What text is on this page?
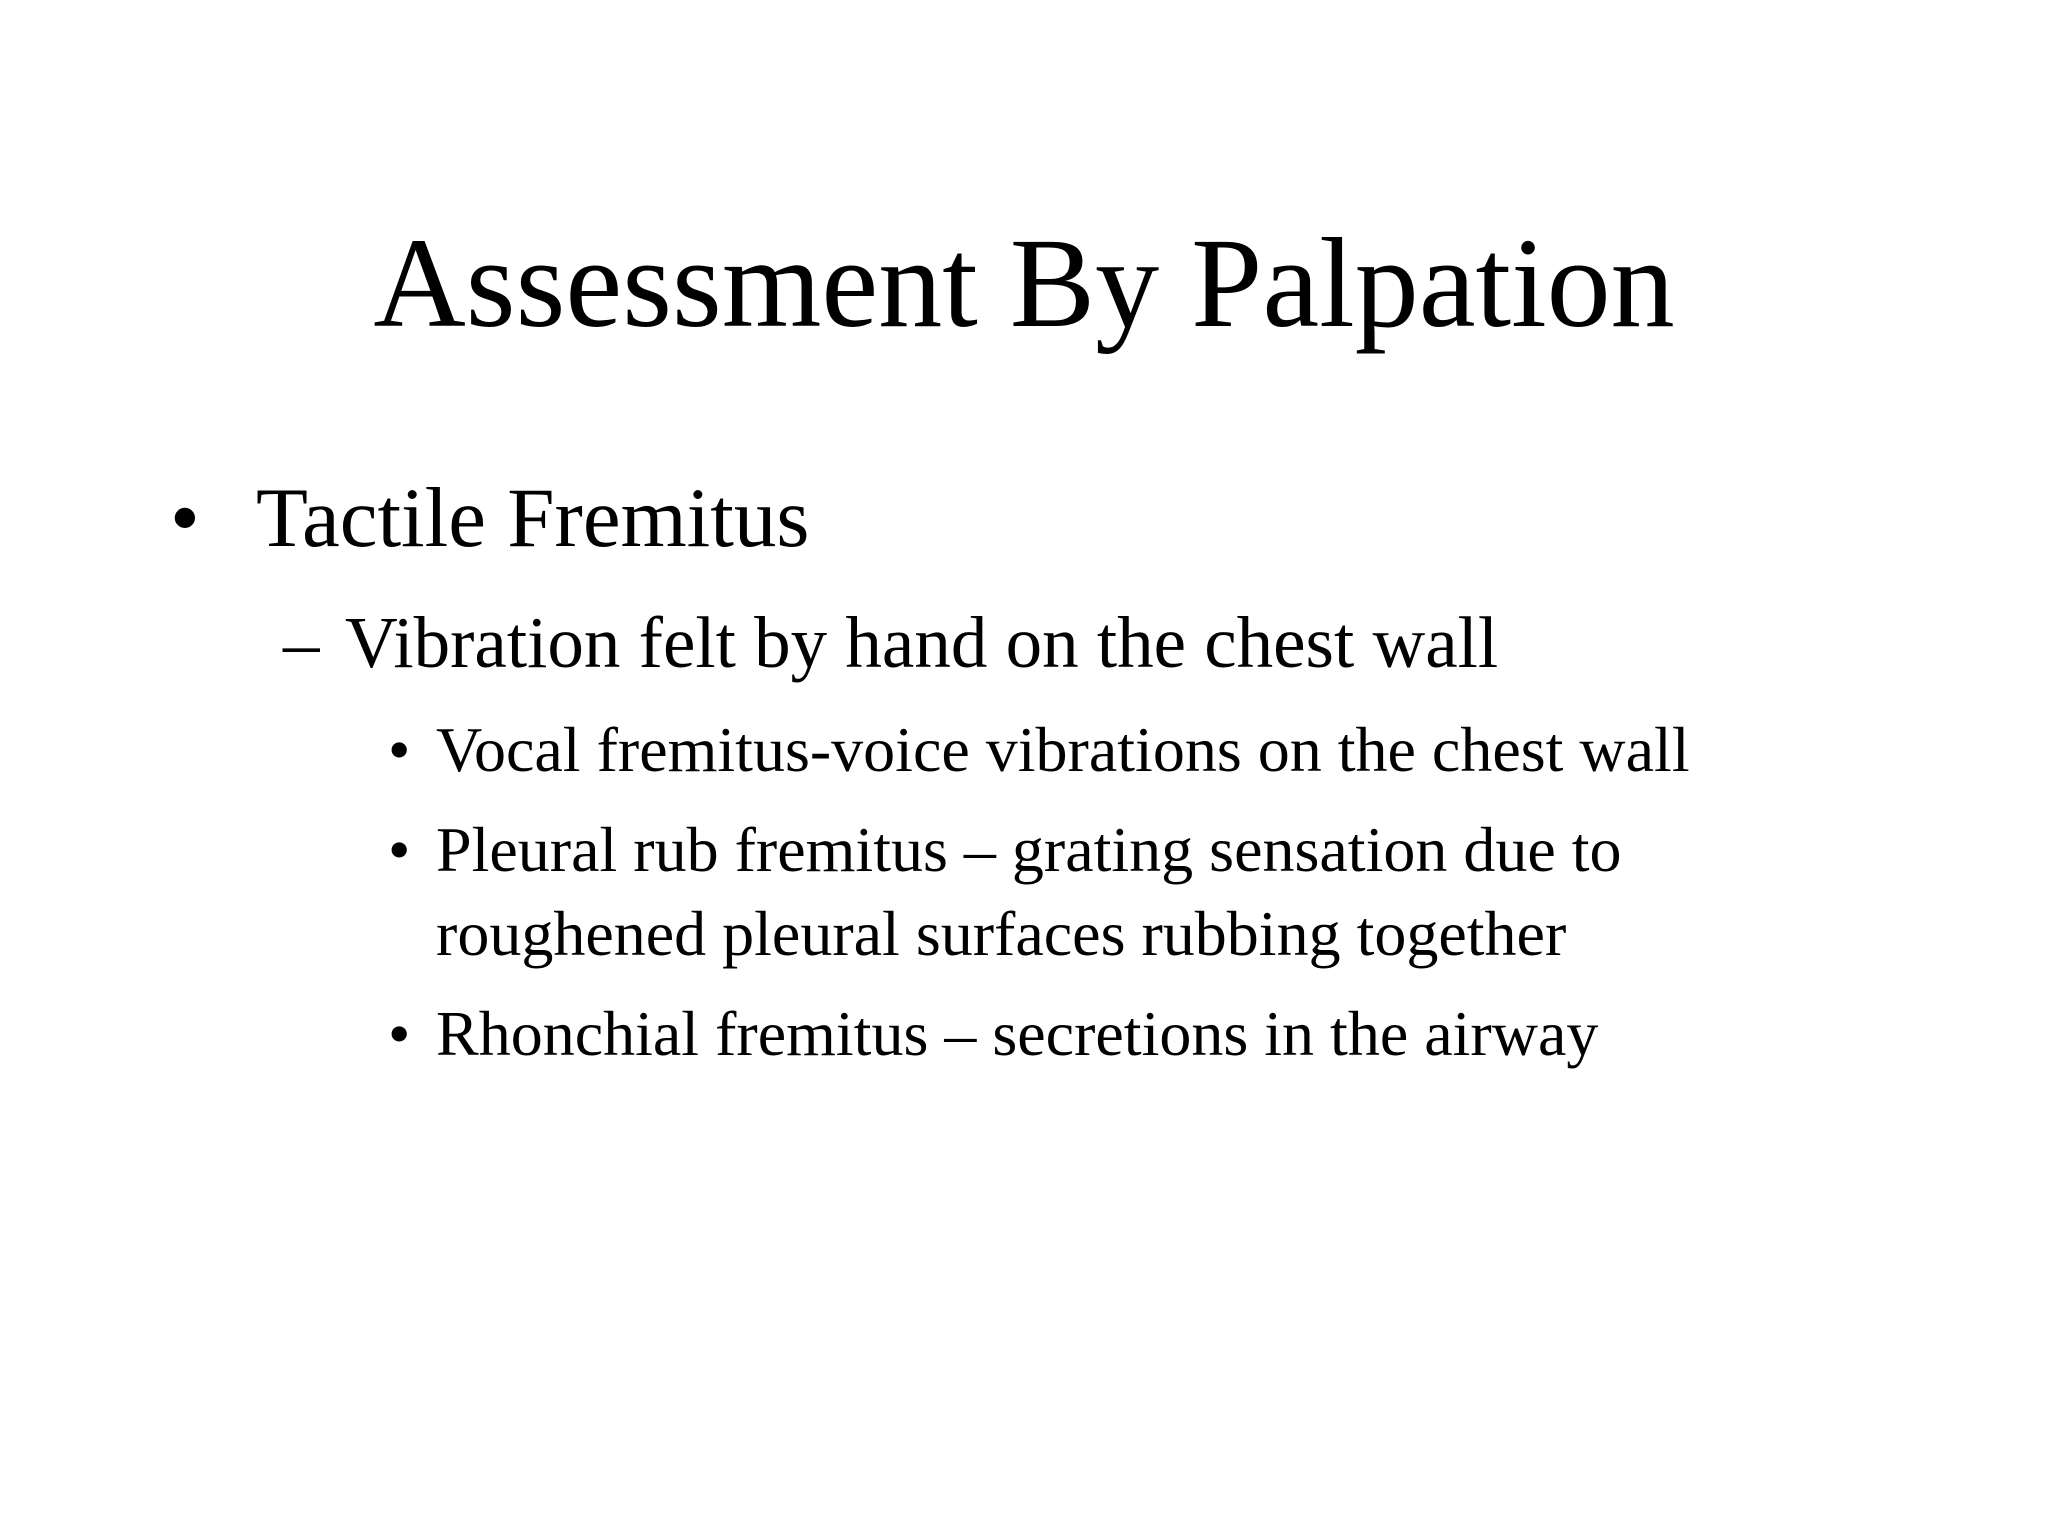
Assessment By Palpation
• Tactile Fremitus
– Vibration felt by hand on the chest wall
• Vocal fremitus-voice vibrations on the chest wall
• Pleural rub fremitus – grating sensation due to
roughened pleural surfaces rubbing together
• Rhonchial fremitus – secretions in the airway
